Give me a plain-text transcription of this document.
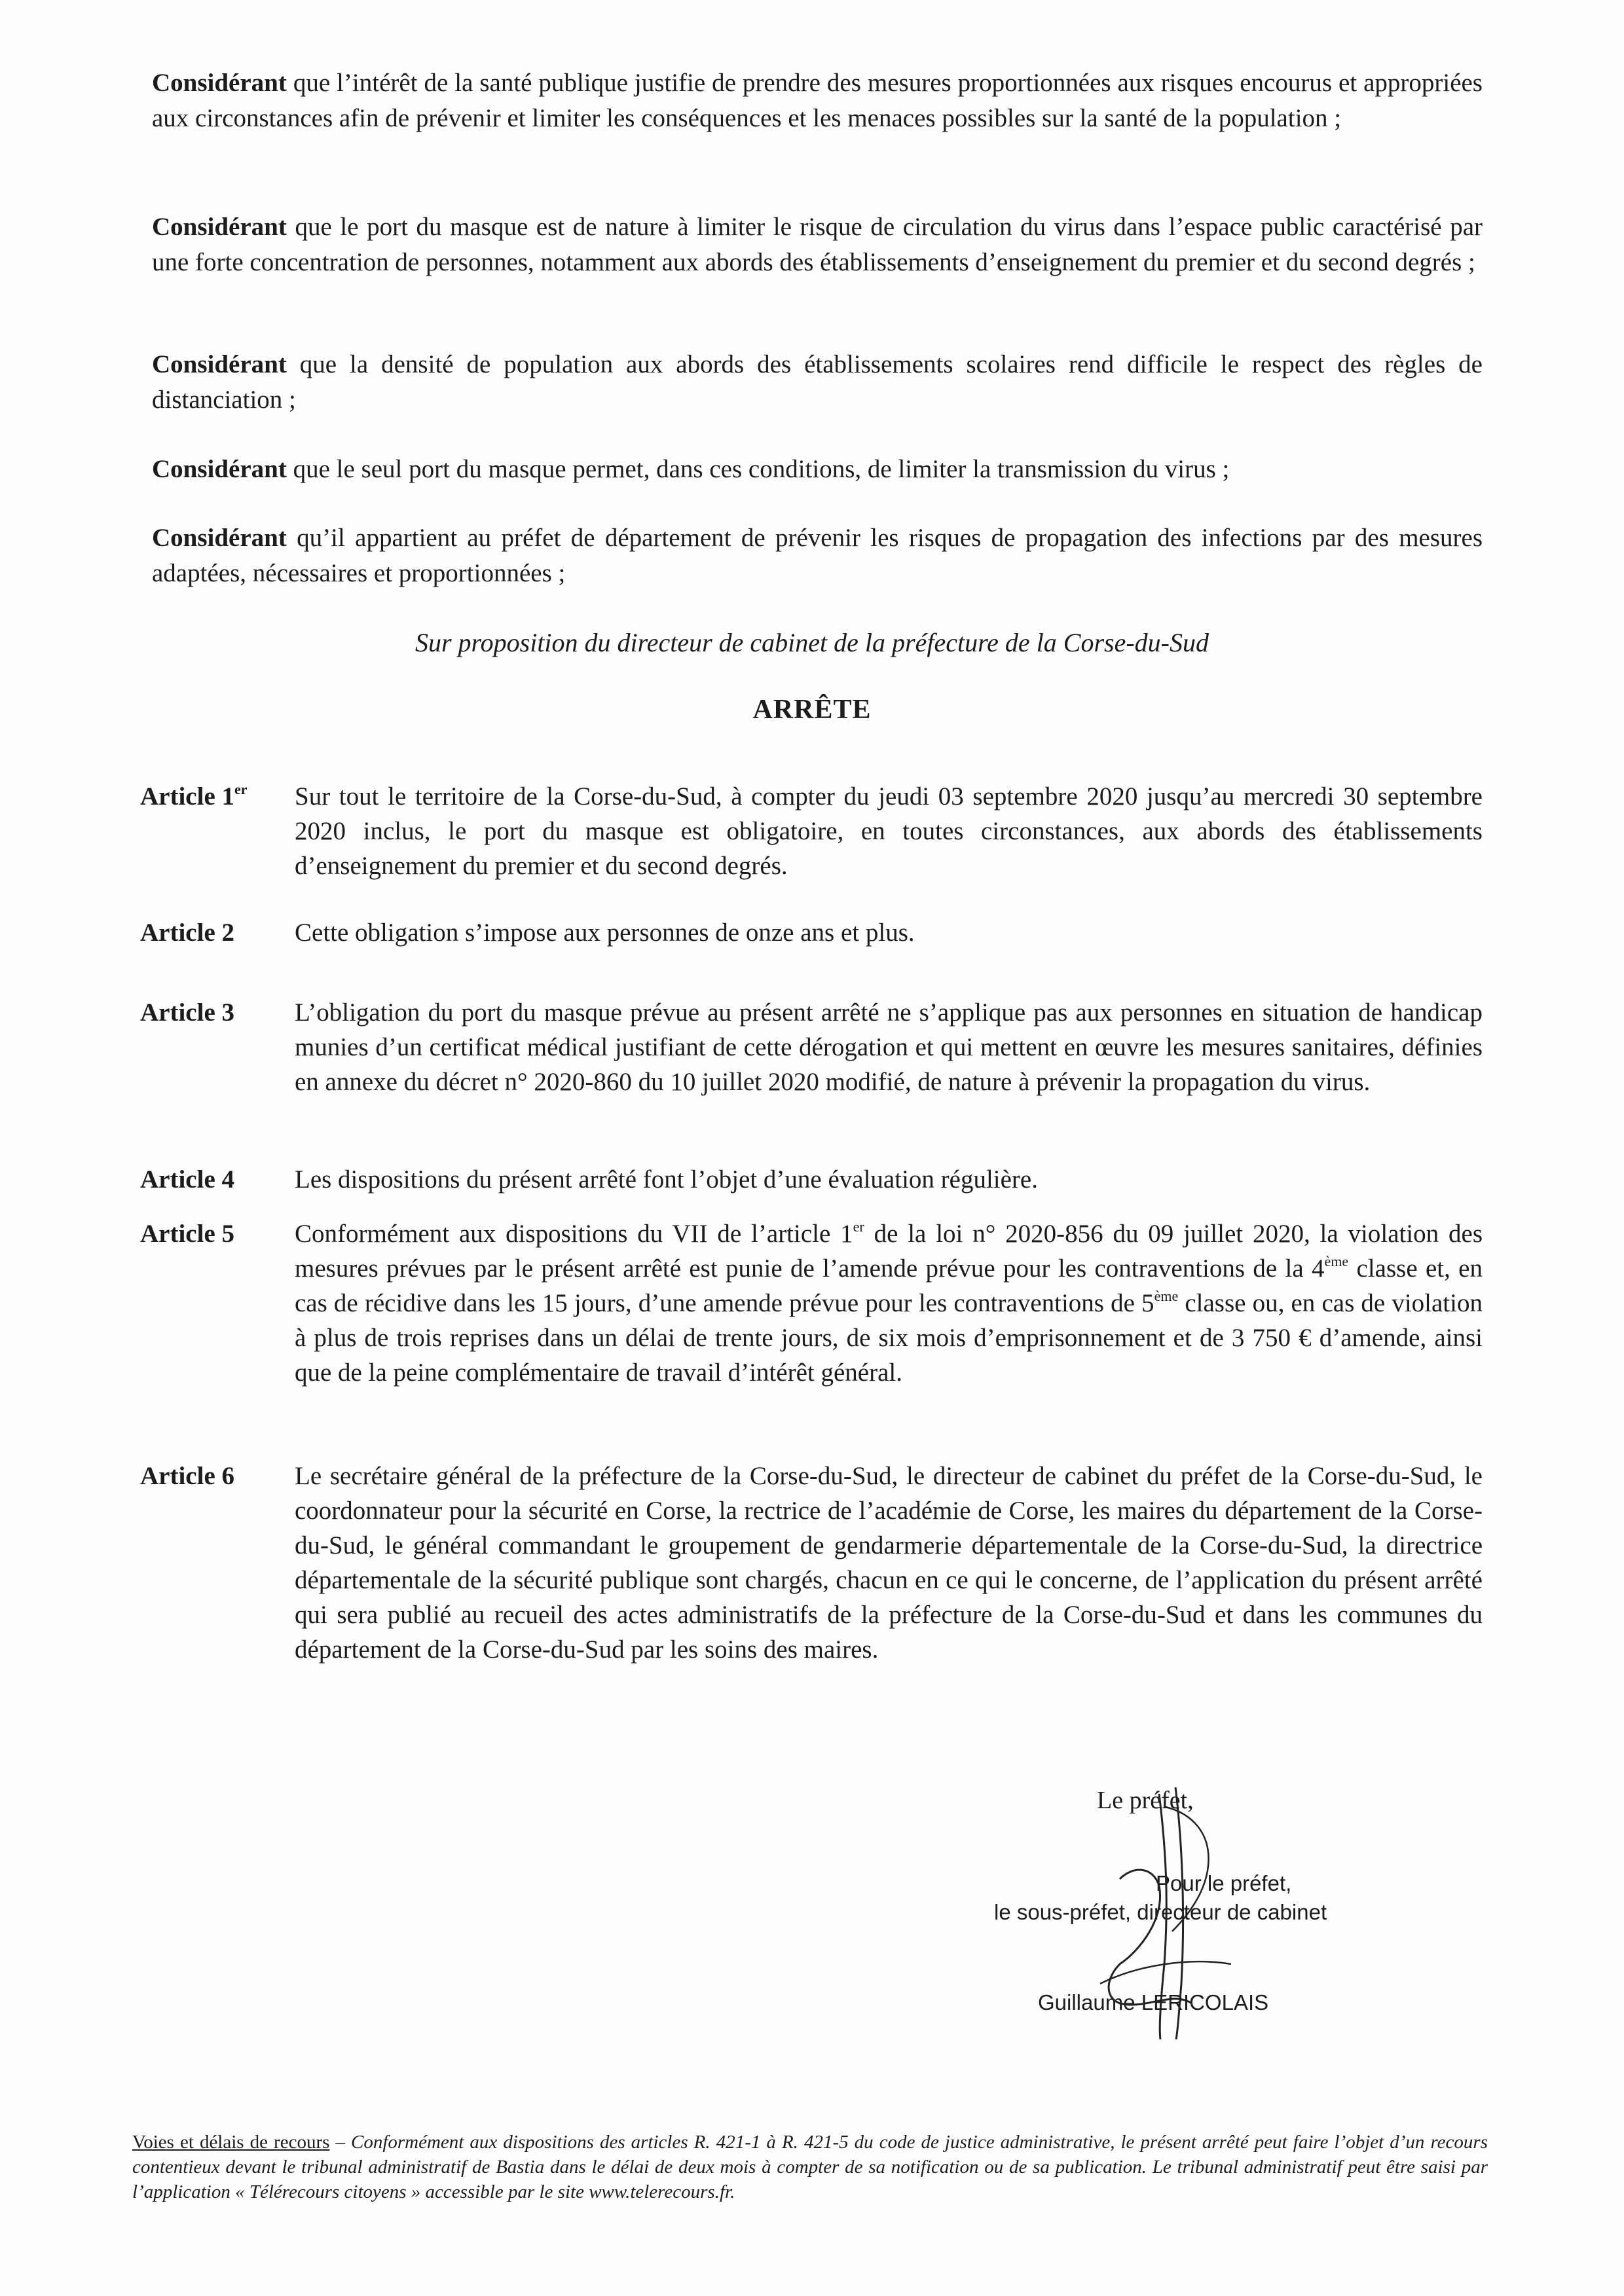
Considérant que l’intérêt de la santé publique justifie de prendre des mesures proportionnées aux risques encourus et appropriées aux circonstances afin de prévenir et limiter les conséquences et les menaces possibles sur la santé de la population ;

Considérant que le port du masque est de nature à limiter le risque de circulation du virus dans l’espace public caractérisé par une forte concentration de personnes, notamment aux abords des établissements d’enseignement du premier et du second degrés ;

Considérant que la densité de population aux abords des établissements scolaires rend difficile le respect des règles de distanciation ;

Considérant que le seul port du masque permet, dans ces conditions, de limiter la transmission du virus ;

Considérant qu’il appartient au préfet de département de prévenir les risques de propagation des infections par des mesures adaptées, nécessaires et proportionnées ;

Sur proposition du directeur de cabinet de la préfecture de la Corse-du-Sud

ARRÊTE

Article 1er	Sur tout le territoire de la Corse-du-Sud, à compter du jeudi 03 septembre 2020 jusqu’au mercredi 30 septembre 2020 inclus, le port du masque est obligatoire, en toutes circonstances, aux abords des établissements d’enseignement du premier et du second degrés.

Article 2	Cette obligation s’impose aux personnes de onze ans et plus.

Article 3	L’obligation du port du masque prévue au présent arrêté ne s’applique pas aux personnes en situation de handicap munies d’un certificat médical justifiant de cette dérogation et qui mettent en œuvre les mesures sanitaires, définies en annexe du décret n° 2020-860 du 10 juillet 2020 modifié, de nature à prévenir la propagation du virus.

Article 4	Les dispositions du présent arrêté font l’objet d’une évaluation régulière.

Article 5	Conformément aux dispositions du VII de l’article 1er de la loi n° 2020-856 du 09 juillet 2020, la violation des mesures prévues par le présent arrêté est punie de l’amende prévue pour les contraventions de la 4ème classe et, en cas de récidive dans les 15 jours, d’une amende prévue pour les contraventions de 5ème classe ou, en cas de violation à plus de trois reprises dans un délai de trente jours, de six mois d’emprisonnement et de 3 750 € d’amende, ainsi que de la peine complémentaire de travail d’intérêt général.

Article 6	Le secrétaire général de la préfecture de la Corse-du-Sud, le directeur de cabinet du préfet de la Corse-du-Sud, le coordonnateur pour la sécurité en Corse, la rectrice de l’académie de Corse, les maires du département de la Corse-du-Sud, le général commandant le groupement de gendarmerie départementale de la Corse-du-Sud, la directrice départementale de la sécurité publique sont chargés, chacun en ce qui le concerne, de l’application du présent arrêté qui sera publié au recueil des actes administratifs de la préfecture de la Corse-du-Sud et dans les communes du département de la Corse-du-Sud par les soins des maires.

Le préfet,
Pour le préfet,
le sous-préfet, directeur de cabinet
Guillaume LERICOLAIS

Voies et délais de recours – Conformément aux dispositions des articles R. 421-1 à R. 421-5 du code de justice administrative, le présent arrêté peut faire l’objet d’un recours contentieux devant le tribunal administratif de Bastia dans le délai de deux mois à compter de sa notification ou de sa publication. Le tribunal administratif peut être saisi par l’application « Télérecours citoyens » accessible par le site www.telerecours.fr.
